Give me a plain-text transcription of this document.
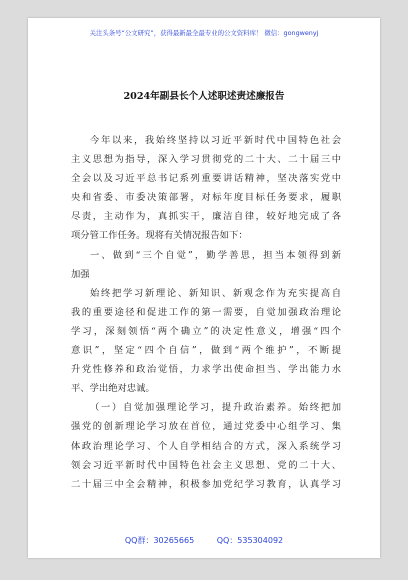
关注头条号“公文研究”，获得最新最全最专业的公文资料库！ 微信：gongwenyj
2024年副县长个人述职述责述廉报告
今年以来，我始终坚持以习近平新时代中国特色社会
主义思想为指导，深入学习贯彻党的二十大、二十届三中
全会以及习近平总书记系列重要讲话精神，坚决落实党中
央和省委、市委决策部署，对标年度目标任务要求，履职
尽责，主动作为，真抓实干，廉洁自律，较好地完成了各
项分管工作任务。现将有关情况报告如下：
一、做到“三个自觉”，勤学善思，担当本领得到新
加强
始终把学习新理论、新知识、新观念作为充实提高自
我的重要途径和促进工作的第一需要，自觉加强政治理论
学习，深刻领悟“两个确立”的决定性意义，增强“四个
意识”，坚定“四个自信”，做到“两个维护”，不断提
升党性修养和政治觉悟，力求学出使命担当、学出能力水
平、学出绝对忠诚。
（一）自觉加强理论学习，提升政治素养。始终把加
强党的创新理论学习放在首位，通过党委中心组学习、集
体政治理论学习、个人自学相结合的方式，深入系统学习
领会习近平新时代中国特色社会主义思想、党的二十大、
二十届三中全会精神，积极参加党纪学习教育，认真学习
QQ群：30265665	QQ：535304092
